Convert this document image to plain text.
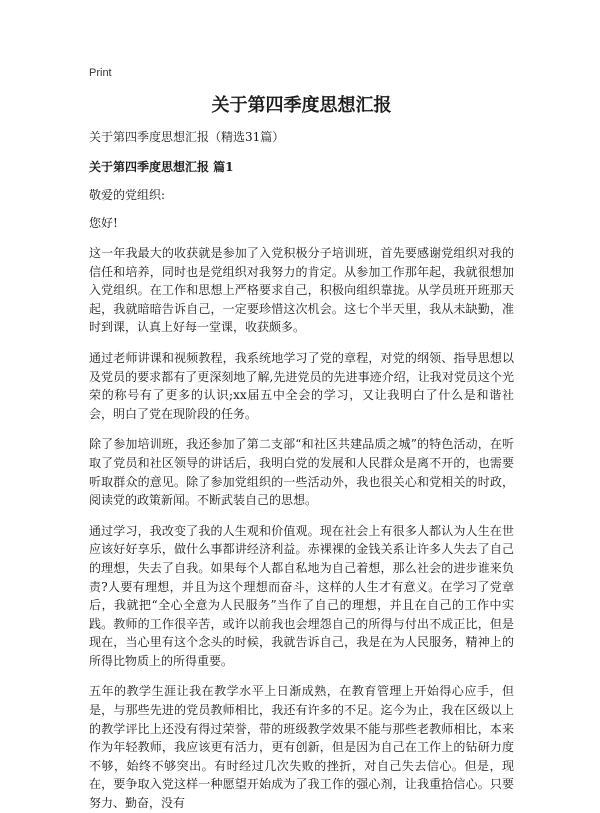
Print
关于第四季度思想汇报
关于第四季度思想汇报（精选31篇）
关于第四季度思想汇报 篇1
敬爱的党组织:
您好!

这一年我最大的收获就是参加了入党积极分子培训班，首先要感谢党组织对我的信任和培养，同时也是党组织对我努力的肯定。从参加工作那年起，我就很想加入党组织。在工作和思想上严格要求自己，积极向组织靠拢。从学员班开班那天起，我就暗暗告诉自己，一定要珍惜这次机会。这七个半天里，我从未缺勤，准时到课，认真上好每一堂课，收获颇多。

通过老师讲课和视频教程，我系统地学习了党的章程，对党的纲领、指导思想以及党员的要求都有了更深刻地了解,先进党员的先进事迹介绍，让我对党员这个光荣的称号有了更多的认识;xx届五中全会的学习，又让我明白了什么是和谐社会，明白了党在现阶段的任务。

除了参加培训班，我还参加了第二支部“和社区共建品质之城”的特色活动，在听取了党员和社区领导的讲话后，我明白党的发展和人民群众是离不开的，也需要听取群众的意见。除了参加党组织的一些活动外，我也很关心和党相关的时政，阅读党的政策新闻。不断武装自己的思想。

通过学习，我改变了我的人生观和价值观。现在社会上有很多人都认为人生在世应该好好享乐，做什么事都讲经济利益。赤裸裸的金钱关系让许多人失去了自己的理想，失去了自我。如果每个人都自私地为自己着想，那么社会的进步谁来负责?人要有理想，并且为这个理想而奋斗，这样的人生才有意义。在学习了党章后，我就把“全心全意为人民服务”当作了自己的理想，并且在自己的工作中实践。教师的工作很辛苦，或许以前我也会埋怨自己的所得与付出不成正比，但是现在，当心里有这个念头的时候，我就告诉自己，我是在为人民服务，精神上的所得比物质上的所得重要。

五年的教学生涯让我在教学水平上日渐成熟，在教育管理上开始得心应手，但是，与那些先进的党员教师相比，我还有许多的不足。迄今为止，我在区级以上的教学评比上还没有得过荣誉，带的班级教学效果不能与那些老教师相比，本来作为年轻教师，我应该更有活力，更有创新，但是因为自己在工作上的钻研力度不够，始终不够突出。有时经过几次失败的挫折，对自己失去信心。但是，现在，要争取入党这样一种愿望开始成为了我工作的强心剂，让我重拾信心。只要努力、勤奋，没有
